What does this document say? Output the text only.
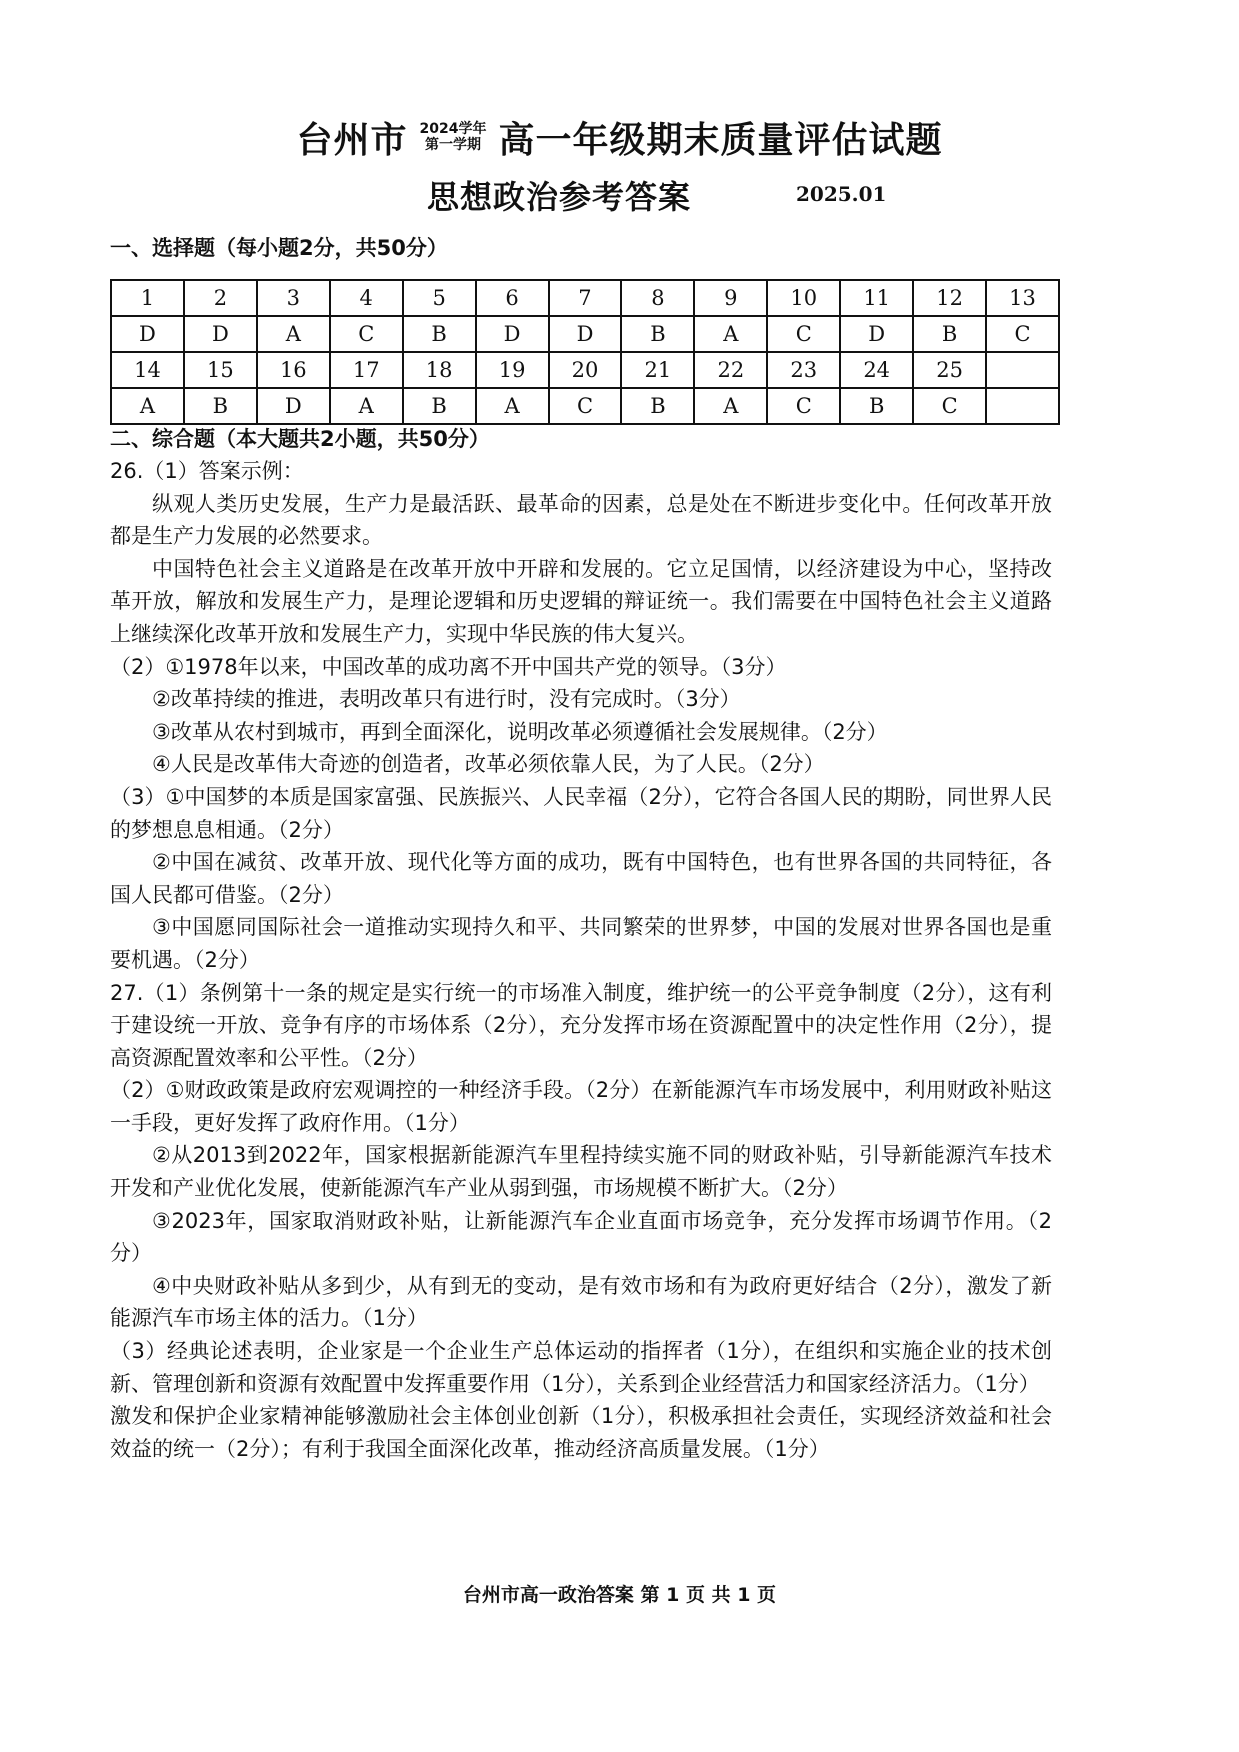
台州市 2024学年
第一学期 高一年级期末质量评估试题
思想政治参考答案	2025.01
一、选择题（每小题2分，共50分）
1	2	3	4	5	6	7	8	9	10	11	12	13
D	D	A	C	B	D	D	B	A	C	D	B	C
14	15	16	17	18	19	20	21	22	23	24	25	
A	B	D	A	B	A	C	B	A	C	B	C	
二、综合题（本大题共2小题，共50分）

26.（1）答案示例：

纵观人类历史发展，生产力是最活跃、最革命的因素，总是处在不断进步变化中。任何改革开放都是生产力发展的必然要求。

中国特色社会主义道路是在改革开放中开辟和发展的。它立足国情，以经济建设为中心，坚持改革开放，解放和发展生产力，是理论逻辑和历史逻辑的辩证统一。我们需要在中国特色社会主义道路上继续深化改革开放和发展生产力，实现中华民族的伟大复兴。

（2）①1978年以来，中国改革的成功离不开中国共产党的领导。（3分）

②改革持续的推进，表明改革只有进行时，没有完成时。（3分）

③改革从农村到城市，再到全面深化，说明改革必须遵循社会发展规律。（2分）

④人民是改革伟大奇迹的创造者，改革必须依靠人民，为了人民。（2分）

（3）①中国梦的本质是国家富强、民族振兴、人民幸福（2分），它符合各国人民的期盼，同世界人民的梦想息息相通。（2分）

②中国在减贫、改革开放、现代化等方面的成功，既有中国特色，也有世界各国的共同特征，各国人民都可借鉴。（2分）

③中国愿同国际社会一道推动实现持久和平、共同繁荣的世界梦，中国的发展对世界各国也是重要机遇。（2分）

27.（1）条例第十一条的规定是实行统一的市场准入制度，维护统一的公平竞争制度（2分），这有利于建设统一开放、竞争有序的市场体系（2分），充分发挥市场在资源配置中的决定性作用（2分），提高资源配置效率和公平性。（2分）

（2）①财政政策是政府宏观调控的一种经济手段。（2分）在新能源汽车市场发展中，利用财政补贴这一手段，更好发挥了政府作用。（1分）

②从2013到2022年，国家根据新能源汽车里程持续实施不同的财政补贴，引导新能源汽车技术开发和产业优化发展，使新能源汽车产业从弱到强，市场规模不断扩大。（2分）

③2023年，国家取消财政补贴，让新能源汽车企业直面市场竞争，充分发挥市场调节作用。（2分）

④中央财政补贴从多到少，从有到无的变动，是有效市场和有为政府更好结合（2分），激发了新能源汽车市场主体的活力。（1分）

（3）经典论述表明，企业家是一个企业生产总体运动的指挥者（1分），在组织和实施企业的技术创新、管理创新和资源有效配置中发挥重要作用（1分），关系到企业经营活力和国家经济活力。（1分）

激发和保护企业家精神能够激励社会主体创业创新（1分），积极承担社会责任，实现经济效益和社会效益的统一（2分）；有利于我国全面深化改革，推动经济高质量发展。（1分）

台州市高一政治答案 第 1 页 共 1 页
